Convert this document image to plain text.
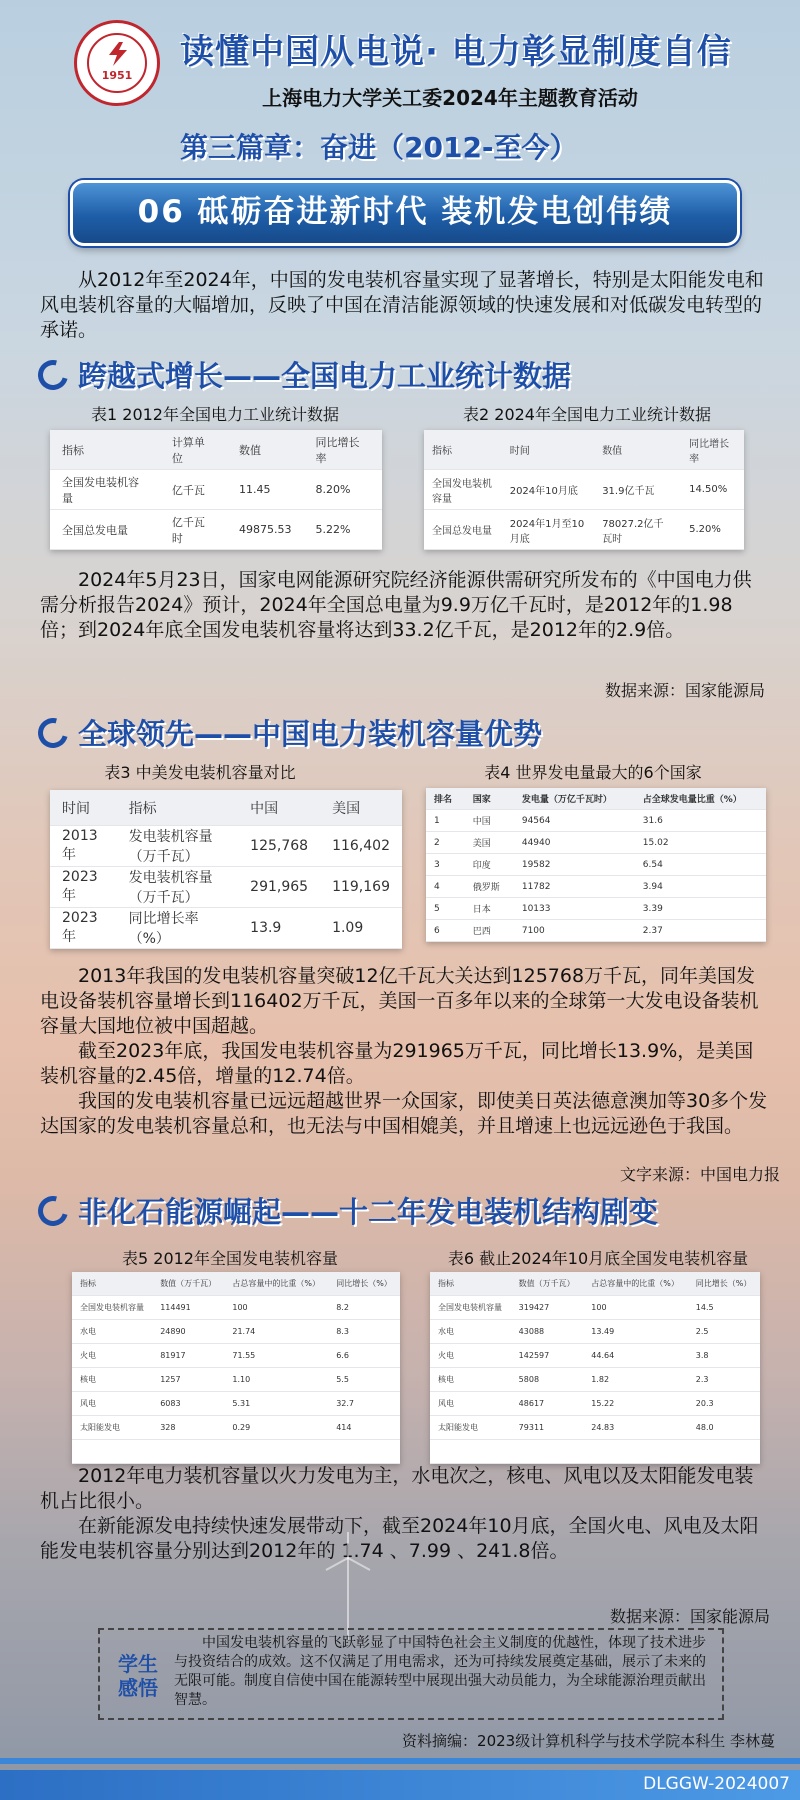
1951
读懂中国从电说· 电力彰显制度自信
上海电力大学关工委2024年主题教育活动
第三篇章：奋进（2012-至今）
06 砥砺奋进新时代 装机发电创伟绩

从2012年至2024年，中国的发电装机容量实现了显著增长，特别是太阳能发电和风电装机容量的大幅增加，反映了中国在清洁能源领域的快速发展和对低碳发电转型的承诺。

跨越式增长——全国电力工业统计数据
表1 2012年全国电力工业统计数据
指标	计算单位	数值	同比增长率
全国发电装机容量	亿千瓦	11.45	8.20%
全国总发电量	亿千瓦时	49875.53	5.22%
表2 2024年全国电力工业统计数据
指标	时间	数值	同比增长率
全国发电装机容量	2024年10月底	31.9亿千瓦	14.50%
全国总发电量	2024年1月至10月底	78027.2亿千瓦时	5.20%

2024年5月23日，国家电网能源研究院经济能源供需研究所发布的《中国电力供需分析报告2024》预计，2024年全国总电量为9.9万亿千瓦时，是2012年的1.98倍；到2024年底全国发电装机容量将达到33.2亿千瓦，是2012年的2.9倍。

数据来源：国家能源局
全球领先——中国电力装机容量优势
表3 中美发电装机容量对比
时间	指标	中国	美国
2013年	发电装机容量（万千瓦）	125,768	116,402
2023年	发电装机容量（万千瓦）	291,965	119,169
2023年	同比增长率（%）	13.9	1.09
表4 世界发电量最大的6个国家
排名	国家	发电量（万亿千瓦时）	占全球发电量比重（%）
1	中国	94564	31.6
2	美国	44940	15.02
3	印度	19582	6.54
4	俄罗斯	11782	3.94
5	日本	10133	3.39
6	巴西	7100	2.37

2013年我国的发电装机容量突破12亿千瓦大关达到125768万千瓦，同年美国发电设备装机容量增长到116402万千瓦，美国一百多年以来的全球第一大发电设备装机容量大国地位被中国超越。

截至2023年底，我国发电装机容量为291965万千瓦，同比增长13.9%，是美国装机容量的2.45倍，增量的12.74倍。

我国的发电装机容量已远远超越世界一众国家，即使美日英法德意澳加等30多个发达国家的发电装机容量总和，也无法与中国相媲美，并且增速上也远远逊色于我国。

文字来源：中国电力报
非化石能源崛起——十二年发电装机结构剧变
表5 2012年全国发电装机容量
指标	数值（万千瓦）	占总容量中的比重（%）	同比增长（%）
全国发电装机容量	114491	100	8.2
水电	24890	21.74	8.3
火电	81917	71.55	6.6
核电	1257	1.10	5.5
风电	6083	5.31	32.7
太阳能发电	328	0.29	414

表6 截止2024年10月底全国发电装机容量
指标	数值（万千瓦）	占总容量中的比重（%）	同比增长（%）
全国发电装机容量	319427	100	14.5
水电	43088	13.49	2.5
火电	142597	44.64	3.8
核电	5808	1.82	2.3
风电	48617	15.22	20.3
太阳能发电	79311	24.83	48.0

2012年电力装机容量以火力发电为主，水电次之，核电、风电以及太阳能发电装机占比很小。

在新能源发电持续快速发展带动下，截至2024年10月底，全国火电、风电及太阳能发电装机容量分别达到2012年的 1.74 、7.99 、241.8倍。

数据来源：国家能源局
学生感悟
中国发电装机容量的飞跃彰显了中国特色社会主义制度的优越性，体现了技术进步与投资结合的成效。这不仅满足了用电需求，还为可持续发展奠定基础，展示了未来的无限可能。制度自信使中国在能源转型中展现出强大动员能力，为全球能源治理贡献出智慧。
资料摘编：2023级计算机科学与技术学院本科生 李林蔓
DLGGW-2024007
